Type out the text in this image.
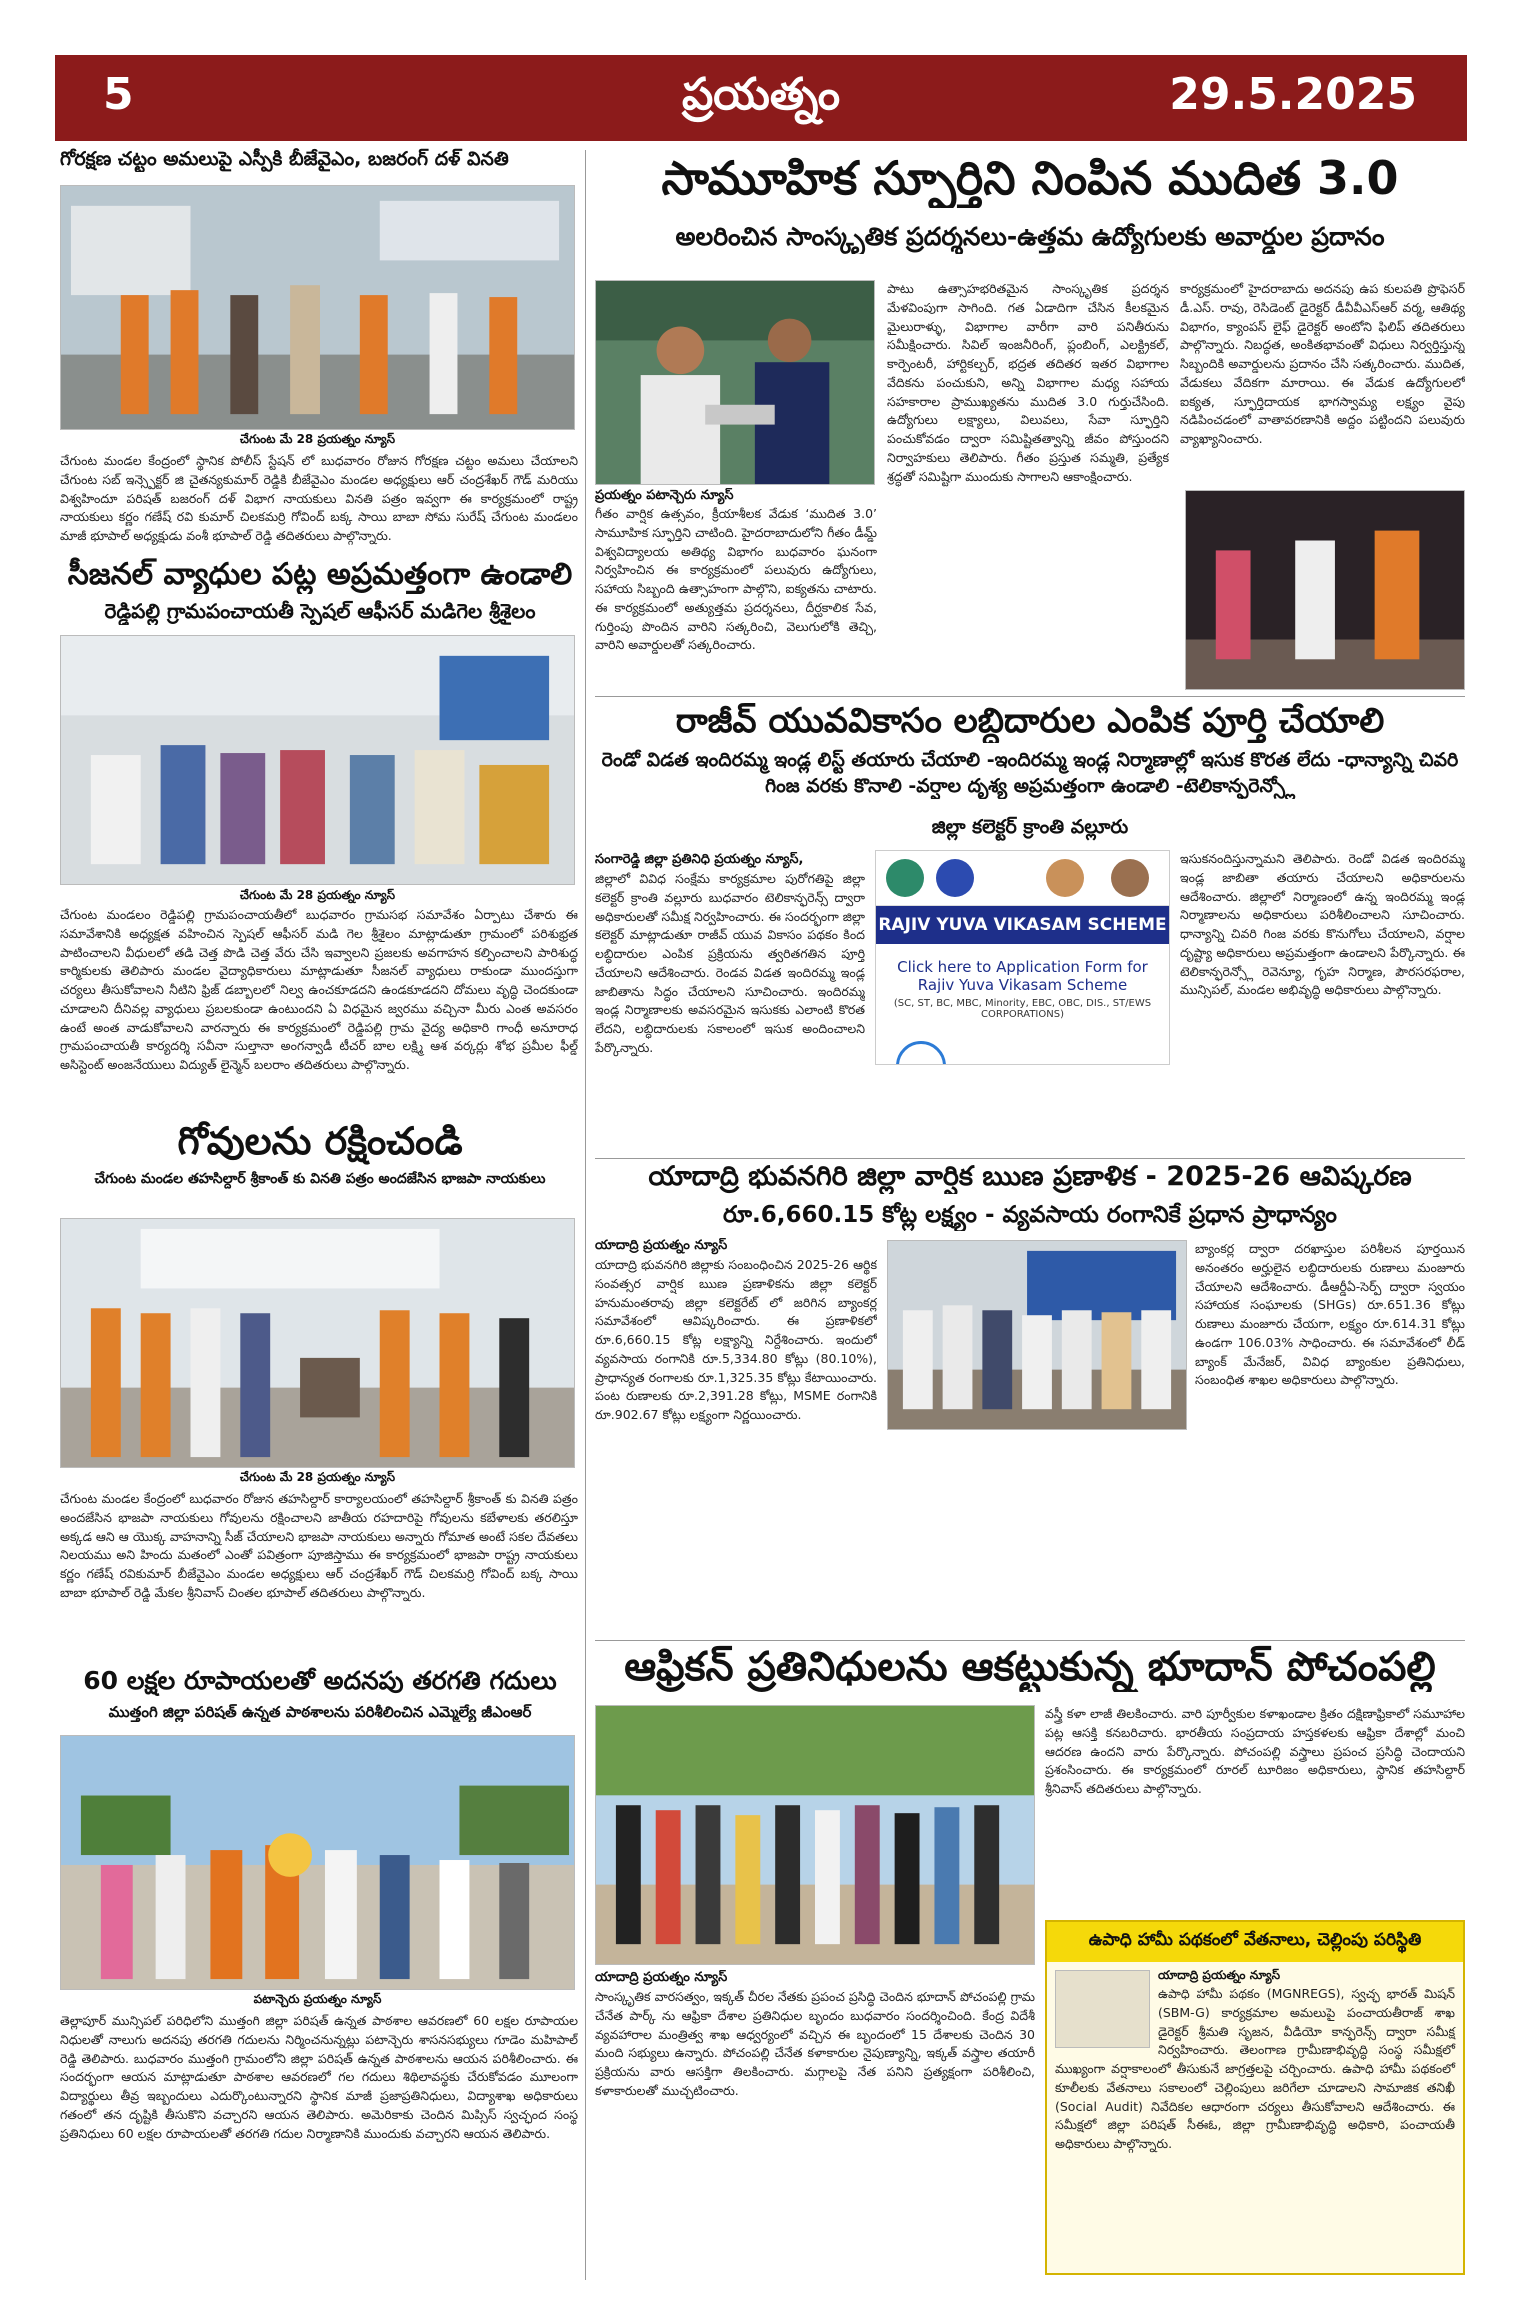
5	ప్రయత్నం	29.5.2025
గోరక్షణ చట్టం అమలుపై ఎస్పీకి బీజేవైఎం, బజరంగ్ దళ్ వినతి
చేగుంట మే 28 ప్రయత్నం న్యూస్
చేగుంట మండల కేంద్రంలో స్థానిక పోలీస్ స్టేషన్ లో బుధవారం రోజున గోరక్షణ చట్టం అమలు చేయాలని చేగుంట సబ్ ఇన్స్పెక్టర్ జి చైతన్యకుమార్ రెడ్డికి బీజేవైఎం మండల అధ్యక్షులు ఆర్ చంద్రశేఖర్ గౌడ్ మరియు విశ్వహిందూ పరిషత్ బజరంగ్ దళ్ విభాగ నాయకులు వినతి పత్రం ఇవ్వగా ఈ కార్యక్రమంలో రాష్ట్ర నాయకులు కర్ణం గణేష్ రవి కుమార్ చిలకమర్రి గోవింద్ బక్క సాయి బాబా సోమ సురేష్ చేగుంట మండలం మాజీ భూపాల్ అధ్యక్షుడు వంశీ భూపాల్ రెడ్డి తదితరులు పాల్గొన్నారు.
సీజనల్ వ్యాధుల పట్ల అప్రమత్తంగా ఉండాలి
రెడ్డిపల్లి గ్రామపంచాయతీ స్పెషల్ ఆఫీసర్ మడిగెల శ్రీశైలం
చేగుంట మే 28 ప్రయత్నం న్యూస్
చేగుంట మండలం రెడ్డిపల్లి గ్రామపంచాయతీలో బుధవారం గ్రామసభ సమావేశం ఏర్పాటు చేశారు ఈ సమావేశానికి అధ్యక్షత వహించిన స్పెషల్ ఆఫీసర్ మడి గెల శ్రీశైలం మాట్లాడుతూ గ్రామంలో పరిశుభ్రత పాటించాలని వీధులలో తడి చెత్త పొడి చెత్త వేరు చేసి ఇవ్వాలని ప్రజలకు అవగాహన కల్పించాలని పారిశుద్ధ కార్మికులకు తెలిపారు మండల వైద్యాధికారులు మాట్లాడుతూ సీజనల్ వ్యాధులు రాకుండా ముందస్తుగా చర్యలు తీసుకోవాలని నీటిని ఫ్రిజ్ డబ్బాలలో నిల్వ ఉంచకూడదని ఉండకూడదని దోమలు వృద్ధి చెందకుండా చూడాలని దీనివల్ల వ్యాధులు ప్రబలకుండా ఉంటుందని ఏ విధమైన జ్వరము వచ్చినా మీరు ఎంత అవసరం ఉంటే అంత వాడుకోవాలని వారన్నారు ఈ కార్యక్రమంలో రెడ్డిపల్లి గ్రామ వైద్య అధికారి గాంధీ అనూరాధ గ్రామపంచాయతీ కార్యదర్శి సవీనా సుల్తానా అంగన్వాడీ టీచర్ బాల లక్ష్మి ఆశ వర్కర్లు శోభ ప్రమీల ఫీల్డ్ అసిస్టెంట్ అంజనేయులు విద్యుత్ లైన్మెన్ బలరాం తదితరులు పాల్గొన్నారు.
గోవులను రక్షించండి
చేగుంట మండల తహసిల్దార్ శ్రీకాంత్ కు వినతి పత్రం అందజేసిన భాజపా నాయకులు
చేగుంట మే 28 ప్రయత్నం న్యూస్
చేగుంట మండల కేంద్రంలో బుధవారం రోజున తహసిల్దార్ కార్యాలయంలో తహసిల్దార్ శ్రీకాంత్ కు వినతి పత్రం అందజేసిన భాజపా నాయకులు గోవులను రక్షించాలని జాతీయ రహదారిపై గోవులను కబేళాలకు తరలిస్తూ అక్కడ ఆని ఆ యొక్క వాహనాన్ని సీజ్ చేయాలని భాజపా నాయకులు అన్నారు గోమాత అంటే సకల దేవతలు నిలయము అని హిందు మతంలో ఎంతో పవిత్రంగా పూజిస్తాము ఈ కార్యక్రమంలో భాజపా రాష్ట్ర నాయకులు కర్ణం గణేష్ రవికుమార్ బీజేవైఎం మండల అధ్యక్షులు ఆర్ చంద్రశేఖర్ గౌడ్ చిలకమర్రి గోవింద్ బక్క సాయి బాబా భూపాల్ రెడ్డి మేకల శ్రీనివాస్ చింతల భూపాల్ తదితరులు పాల్గొన్నారు.
60 లక్షల రూపాయలతో అదనపు తరగతి గదులు
ముత్తంగి జిల్లా పరిషత్ ఉన్నత పాఠశాలను పరిశీలించిన ఎమ్మెల్యే జీఎంఆర్
పటాన్చెరు ప్రయత్నం న్యూస్
తెల్లాపూర్ మున్సిపల్ పరిధిలోని ముత్తంగి జిల్లా పరిషత్ ఉన్నత పాఠశాల ఆవరణలో 60 లక్షల రూపాయల నిధులతో నాలుగు అదనపు తరగతి గదులను నిర్మించనున్నట్లు పటాన్చెరు శాసనసభ్యులు గూడెం మహిపాల్ రెడ్డి తెలిపారు. బుధవారం ముత్తంగి గ్రామంలోని జిల్లా పరిషత్ ఉన్నత పాఠశాలను ఆయన పరిశీలించారు. ఈ సందర్భంగా ఆయన మాట్లాడుతూ పాఠశాల ఆవరణలో గల గదులు శిథిలావస్థకు చేరుకోవడం మూలంగా విద్యార్థులు తీవ్ర ఇబ్బందులు ఎదుర్కొంటున్నారని స్థానిక మాజీ ప్రజాప్రతినిధులు, విద్యాశాఖ అధికారులు గతంలో తన దృష్టికి తీసుకొని వచ్చారని ఆయన తెలిపారు. అమెరికాకు చెందిన మిప్సిస్ స్వచ్ఛంద సంస్థ ప్రతినిధులు 60 లక్షల రూపాయలతో తరగతి గదుల నిర్మాణానికి ముందుకు వచ్చారని ఆయన తెలిపారు.
సామూహిక స్ఫూర్తిని నింపిన ముదిత 3.0
అలరించిన సాంస్కృతిక ప్రదర్శనలు-ఉత్తమ ఉద్యోగులకు అవార్డుల ప్రదానం
ప్రయత్నం పటాన్చెరు న్యూస్
గీతం వార్షిక ఉత్సవం, క్రీయాశీలక వేడుక ‘ముదిత 3.0’ సామూహిక స్ఫూర్తిని చాటింది. హైదరాబాదులోని గీతం డీమ్డ్ విశ్వవిద్యాలయ అతిథ్య విభాగం బుధవారం ఘనంగా నిర్వహించిన ఈ కార్యక్రమంలో పలువురు ఉద్యోగులు, సహాయ సిబ్బంది ఉత్సాహంగా పాల్గొని, ఐక్యతను చాటారు. ఈ కార్యక్రమంలో అత్యుత్తమ ప్రదర్శనలు, దీర్ఘకాలిక సేవ, గుర్తింపు పొందిన వారిని సత్కరించి, వెలుగులోకి తెచ్చి, వారిని అవార్డులతో సత్కరించారు.
పాటు ఉత్సాహభరితమైన సాంస్కృతిక ప్రదర్శన మేళవింపుగా సాగింది. గత ఏడాదిగా చేసిన కీలకమైన మైలురాళ్ళు, విభాగాల వారీగా వారి పనితీరును సమీక్షించారు. సివిల్ ఇంజనీరింగ్, ప్లంబింగ్, ఎలక్ట్రికల్, కార్పెంటరీ, హార్టికల్చర్, భద్రత తదితర ఇతర విభాగాల వేదికను పంచుకుని, అన్ని విభాగాల మధ్య సహాయ సహకారాల ప్రాముఖ్యతను ముదిత 3.0 గుర్తుచేసింది. ఉద్యోగులు లక్ష్యాలు, విలువలు, సేవా స్ఫూర్తిని పంచుకోవడం ద్వారా సమిష్టితత్వాన్ని జీవం పోస్తుందని నిర్వాహకులు తెలిపారు. గీతం ప్రస్తుత సమ్మతి, ప్రత్యేక శ్రద్ధతో సమిష్టిగా ముందుకు సాగాలని ఆకాంక్షించారు.
కార్యక్రమంలో హైదరాబాదు అదనపు ఉప కులపతి ప్రొఫెసర్ డీ.ఎస్. రావు, రెసిడెంట్ డైరెక్టర్ డీవీవీఎస్ఆర్ వర్మ, ఆతిథ్య విభాగం, క్యాంపస్ లైఫ్ డైరెక్టర్ అంటోని ఫిలిప్ తదితరులు పాల్గొన్నారు. నిబద్ధత, అంకితభావంతో విధులు నిర్వర్తిస్తున్న సిబ్బందికి అవార్డులను ప్రదానం చేసి సత్కరించారు. ముదిత, వేడుకలు వేదికగా మారాయి. ఈ వేడుక ఉద్యోగులలో ఐక్యత, స్ఫూర్తిదాయక భాగస్వామ్య లక్ష్యం వైపు నడిపించడంలో వాతావరణానికి అద్దం పట్టిందని పలువురు వ్యాఖ్యానించారు.
రాజీవ్ యువవికాసం లబ్ధిదారుల ఎంపిక పూర్తి చేయాలి
రెండో విడత ఇందిరమ్మ ఇండ్ల లిస్ట్ తయారు చేయాలి -ఇందిరమ్మ ఇండ్ల నిర్మాణాల్లో ఇసుక కొరత లేదు -ధాన్యాన్ని చివరి గింజ వరకు కొనాలి -వర్షాల దృశ్య అప్రమత్తంగా ఉండాలి -టెలికాన్ఫరెన్స్లో
జిల్లా కలెక్టర్ క్రాంతి వల్లూరు
సంగారెడ్డి జిల్లా ప్రతినిధి ప్రయత్నం న్యూస్,
జిల్లాలో వివిధ సంక్షేమ కార్యక్రమాల పురోగతిపై జిల్లా కలెక్టర్ క్రాంతి వల్లూరు బుధవారం టెలికాన్ఫరెన్స్ ద్వారా అధికారులతో సమీక్ష నిర్వహించారు. ఈ సందర్భంగా జిల్లా కలెక్టర్ మాట్లాడుతూ రాజీవ్ యువ వికాసం పథకం కింద లబ్ధిదారుల ఎంపిక ప్రక్రియను త్వరితగతిన పూర్తి చేయాలని ఆదేశించారు. రెండవ విడత ఇందిరమ్మ ఇండ్ల జాబితాను సిద్ధం చేయాలని సూచించారు. ఇందిరమ్మ ఇండ్ల నిర్మాణాలకు అవసరమైన ఇసుకకు ఎలాంటి కొరత లేదని, లబ్ధిదారులకు సకాలంలో ఇసుక అందించాలని పేర్కొన్నారు.
RAJIV YUVA VIKASAM SCHEME
Click here to Application Form for Rajiv Yuva Vikasam Scheme
(SC, ST, BC, MBC, Minority, EBC, OBC, DIS., ST/EWS CORPORATIONS)
ఇసుకనందిస్తున్నామని తెలిపారు. రెండో విడత ఇందిరమ్మ ఇండ్ల జాబితా తయారు చేయాలని అధికారులను ఆదేశించారు. జిల్లాలో నిర్మాణంలో ఉన్న ఇందిరమ్మ ఇండ్ల నిర్మాణాలను అధికారులు పరిశీలించాలని సూచించారు. ధాన్యాన్ని చివరి గింజ వరకు కొనుగోలు చేయాలని, వర్షాల దృష్ట్యా అధికారులు అప్రమత్తంగా ఉండాలని పేర్కొన్నారు. ఈ టెలికాన్ఫరెన్స్లో రెవెన్యూ, గృహ నిర్మాణ, పౌరసరఫరాల, మున్సిపల్, మండల అభివృద్ధి అధికారులు పాల్గొన్నారు.
యాదాద్రి భువనగిరి జిల్లా వార్షిక ఋణ ప్రణాళిక - 2025-26 ఆవిష్కరణ
రూ.6,660.15 కోట్ల లక్ష్యం - వ్యవసాయ రంగానికే ప్రధాన ప్రాధాన్యం
యాదాద్రి ప్రయత్నం న్యూస్
యాదాద్రి భువనగిరి జిల్లాకు సంబంధించిన 2025-26 ఆర్థిక సంవత్సర వార్షిక ఋణ ప్రణాళికను జిల్లా కలెక్టర్ హనుమంతరావు జిల్లా కలెక్టరేట్ లో జరిగిన బ్యాంకర్ల సమావేశంలో ఆవిష్కరించారు. ఈ ప్రణాళికలో రూ.6,660.15 కోట్ల లక్ష్యాన్ని నిర్దేశించారు. ఇందులో వ్యవసాయ రంగానికి రూ.5,334.80 కోట్లు (80.10%), ప్రాధాన్యత రంగాలకు రూ.1,325.35 కోట్లు కేటాయించారు. పంట రుణాలకు రూ.2,391.28 కోట్లు, MSME రంగానికి రూ.902.67 కోట్లు లక్ష్యంగా నిర్ణయించారు.
బ్యాంకర్ల ద్వారా దరఖాస్తుల పరిశీలన పూర్తయిన అనంతరం అర్హులైన లబ్ధిదారులకు రుణాలు మంజూరు చేయాలని ఆదేశించారు. డీఆర్డీఏ-సెర్ప్ ద్వారా స్వయం సహాయక సంఘాలకు (SHGs) రూ.651.36 కోట్లు రుణాలు మంజూరు చేయగా, లక్ష్యం రూ.614.31 కోట్లు ఉండగా 106.03% సాధించారు. ఈ సమావేశంలో లీడ్ బ్యాంక్ మేనేజర్, వివిధ బ్యాంకుల ప్రతినిధులు, సంబంధిత శాఖల అధికారులు పాల్గొన్నారు.
ఆఫ్రికన్ ప్రతినిధులను ఆకట్టుకున్న భూదాన్ పోచంపల్లి
యాదాద్రి ప్రయత్నం న్యూస్
సాంస్కృతిక వారసత్వం, ఇక్కత్ చీరల నేతకు ప్రపంచ ప్రసిద్ధి చెందిన భూదాన్ పోచంపల్లి గ్రామ చేనేత పార్క్ ను ఆఫ్రికా దేశాల ప్రతినిధుల బృందం బుధవారం సందర్శించింది. కేంద్ర విదేశీ వ్యవహారాల మంత్రిత్వ శాఖ ఆధ్వర్యంలో వచ్చిన ఈ బృందంలో 15 దేశాలకు చెందిన 30 మంది సభ్యులు ఉన్నారు. పోచంపల్లి చేనేత కళాకారుల నైపుణ్యాన్ని, ఇక్కత్ వస్త్రాల తయారీ ప్రక్రియను వారు ఆసక్తిగా తిలకించారు. మగ్గాలపై నేత పనిని ప్రత్యక్షంగా పరిశీలించి, కళాకారులతో ముచ్చటించారు.
వస్త్రీ కళా లాజీ తిలకించారు. వారి పూర్వీకుల కళాఖండాల క్రితం దక్షిణాఫ్రికాలో సమూహాల పట్ల ఆసక్తి కనబరిచారు. భారతీయ సంప్రదాయ హస్తకళలకు ఆఫ్రికా దేశాల్లో మంచి ఆదరణ ఉందని వారు పేర్కొన్నారు. పోచంపల్లి వస్త్రాలు ప్రపంచ ప్రసిద్ధి చెందాయని ప్రశంసించారు. ఈ కార్యక్రమంలో రూరల్ టూరిజం అధికారులు, స్థానిక తహసిల్దార్ శ్రీనివాస్ తదితరులు పాల్గొన్నారు.
ఉపాధి హామీ పథకంలో వేతనాలు, చెల్లింపు పరిస్థితి
యాదాద్రి ప్రయత్నం న్యూస్
ఉపాధి హామీ పథకం (MGNREGS), స్వచ్ఛ భారత్ మిషన్ (SBM-G) కార్యక్రమాల అమలుపై పంచాయతీరాజ్ శాఖ డైరెక్టర్ శ్రీమతి సృజన, వీడియో కాన్ఫరెన్స్ ద్వారా సమీక్ష నిర్వహించారు. తెలంగాణ గ్రామీణాభివృద్ధి సంస్థ సమీక్షలో ముఖ్యంగా వర్షాకాలంలో తీసుకునే జాగ్రత్తలపై చర్చించారు. ఉపాధి హామీ పథకంలో కూలీలకు వేతనాలు సకాలంలో చెల్లింపులు జరిగేలా చూడాలని సామాజిక తనిఖీ (Social Audit) నివేదికల ఆధారంగా చర్యలు తీసుకోవాలని ఆదేశించారు. ఈ సమీక్షలో జిల్లా పరిషత్ సీఈఓ, జిల్లా గ్రామీణాభివృద్ధి అధికారి, పంచాయతీ అధికారులు పాల్గొన్నారు.
